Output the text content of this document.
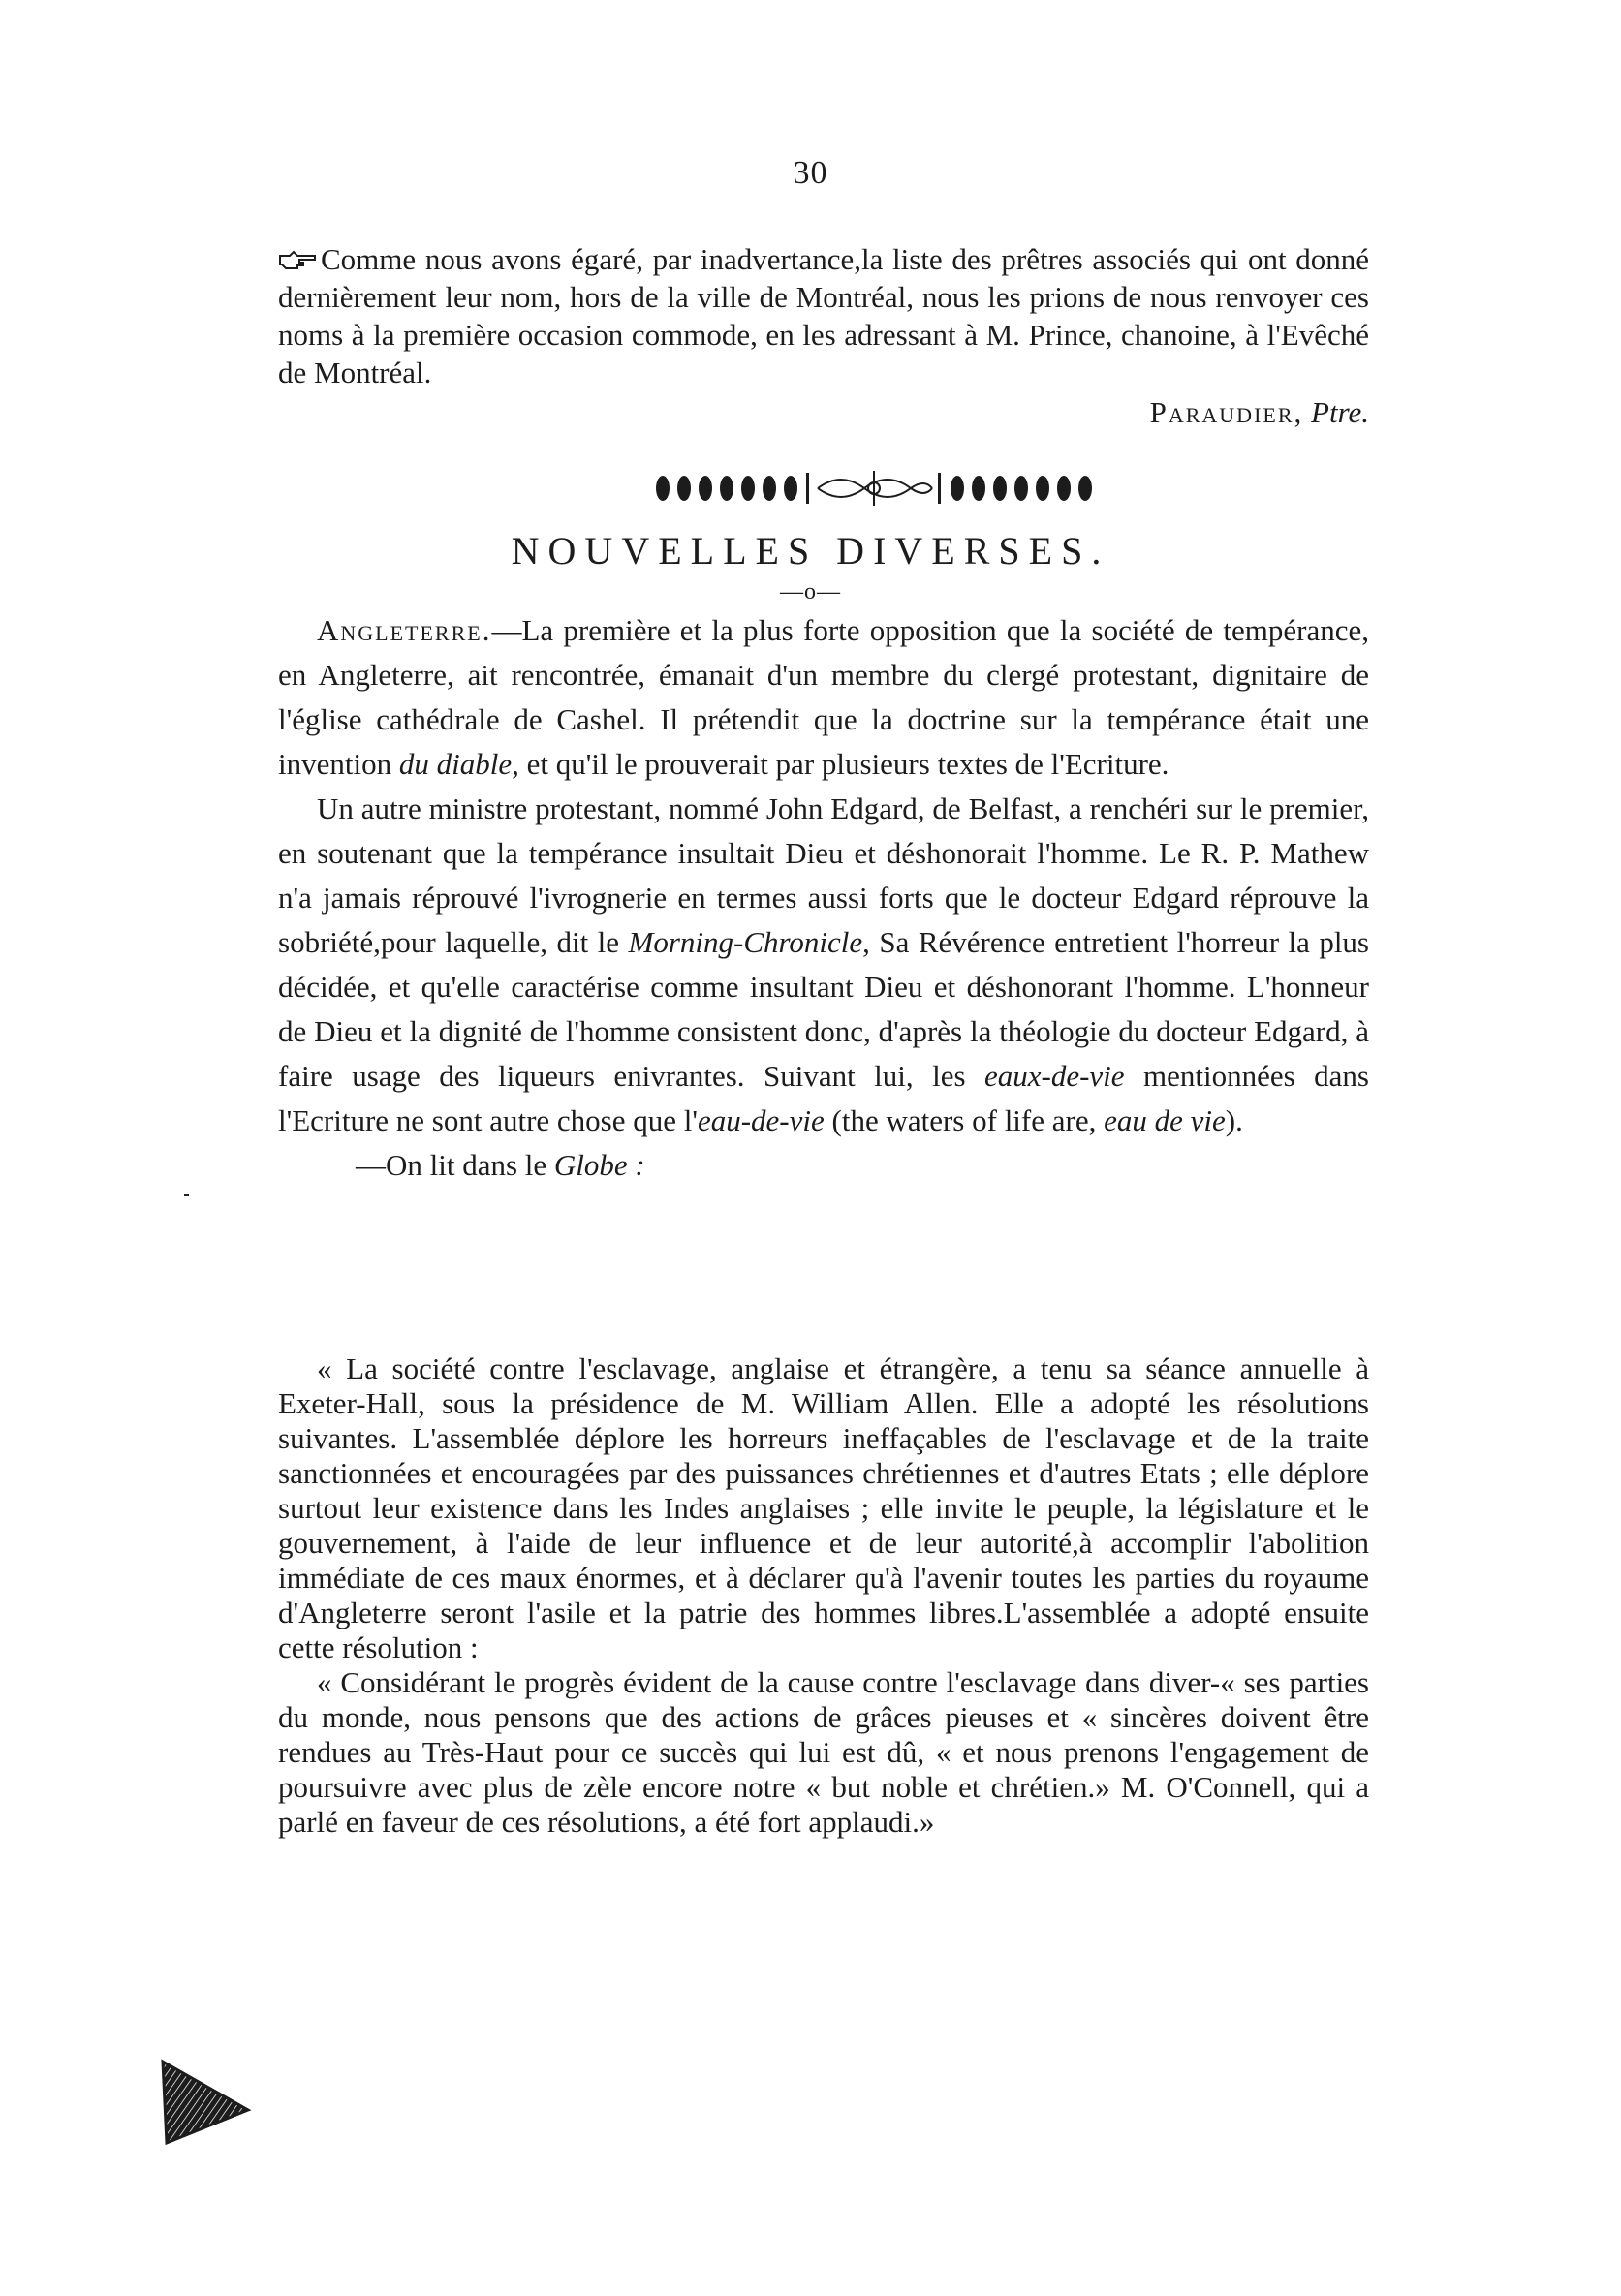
30

Comme nous avons égaré, par inadvertance,la liste des prêtres associés qui ont donné dernièrement leur nom, hors de la ville de Montréal, nous les prions de nous renvoyer ces noms à la première occasion commode, en les adressant à M. Prince, chanoine, à l'Evêché de Montréal.

Paraudier, Ptre.
NOUVELLES DIVERSES.
—o—

Angleterre.—La première et la plus forte opposition que la société de tempérance, en Angleterre, ait rencontrée, émanait d'un membre du clergé protestant, dignitaire de l'église cathédrale de Cashel. Il prétendit que la doctrine sur la tempérance était une invention du diable, et qu'il le prouverait par plusieurs textes de l'Ecriture.

Un autre ministre protestant, nommé John Edgard, de Belfast, a renchéri sur le premier, en soutenant que la tempérance insultait Dieu et déshonorait l'homme. Le R. P. Mathew n'a jamais réprouvé l'ivrognerie en termes aussi forts que le docteur Edgard réprouve la sobriété,pour laquelle, dit le Morning-Chronicle, Sa Révérence entretient l'horreur la plus décidée, et qu'elle caractérise comme insultant Dieu et déshonorant l'homme. L'honneur de Dieu et la dignité de l'homme consistent donc, d'après la théologie du docteur Edgard, à faire usage des liqueurs enivrantes. Suivant lui, les eaux-de-vie mentionnées dans l'Ecriture ne sont autre chose que l'eau-de-vie (the waters of life are, eau de vie).

—On lit dans le Globe :

« La société contre l'esclavage, anglaise et étrangère, a tenu sa séance annuelle à Exeter-Hall, sous la présidence de M. William Allen. Elle a adopté les résolutions suivantes. L'assemblée déplore les horreurs ineffaçables de l'esclavage et de la traite sanctionnées et encouragées par des puissances chrétiennes et d'autres Etats ; elle déplore surtout leur existence dans les Indes anglaises ; elle invite le peuple, la législature et le gouvernement, à l'aide de leur influence et de leur autorité,à accomplir l'abolition immédiate de ces maux énormes, et à déclarer qu'à l'avenir toutes les parties du royaume d'Angleterre seront l'asile et la patrie des hommes libres.L'assemblée a adopté ensuite cette résolution :

« Considérant le progrès évident de la cause contre l'esclavage dans diver-« ses parties du monde, nous pensons que des actions de grâces pieuses et « sincères doivent être rendues au Très-Haut pour ce succès qui lui est dû, « et nous prenons l'engagement de poursuivre avec plus de zèle encore notre « but noble et chrétien.» M. O'Connell, qui a parlé en faveur de ces résolutions, a été fort applaudi.»
